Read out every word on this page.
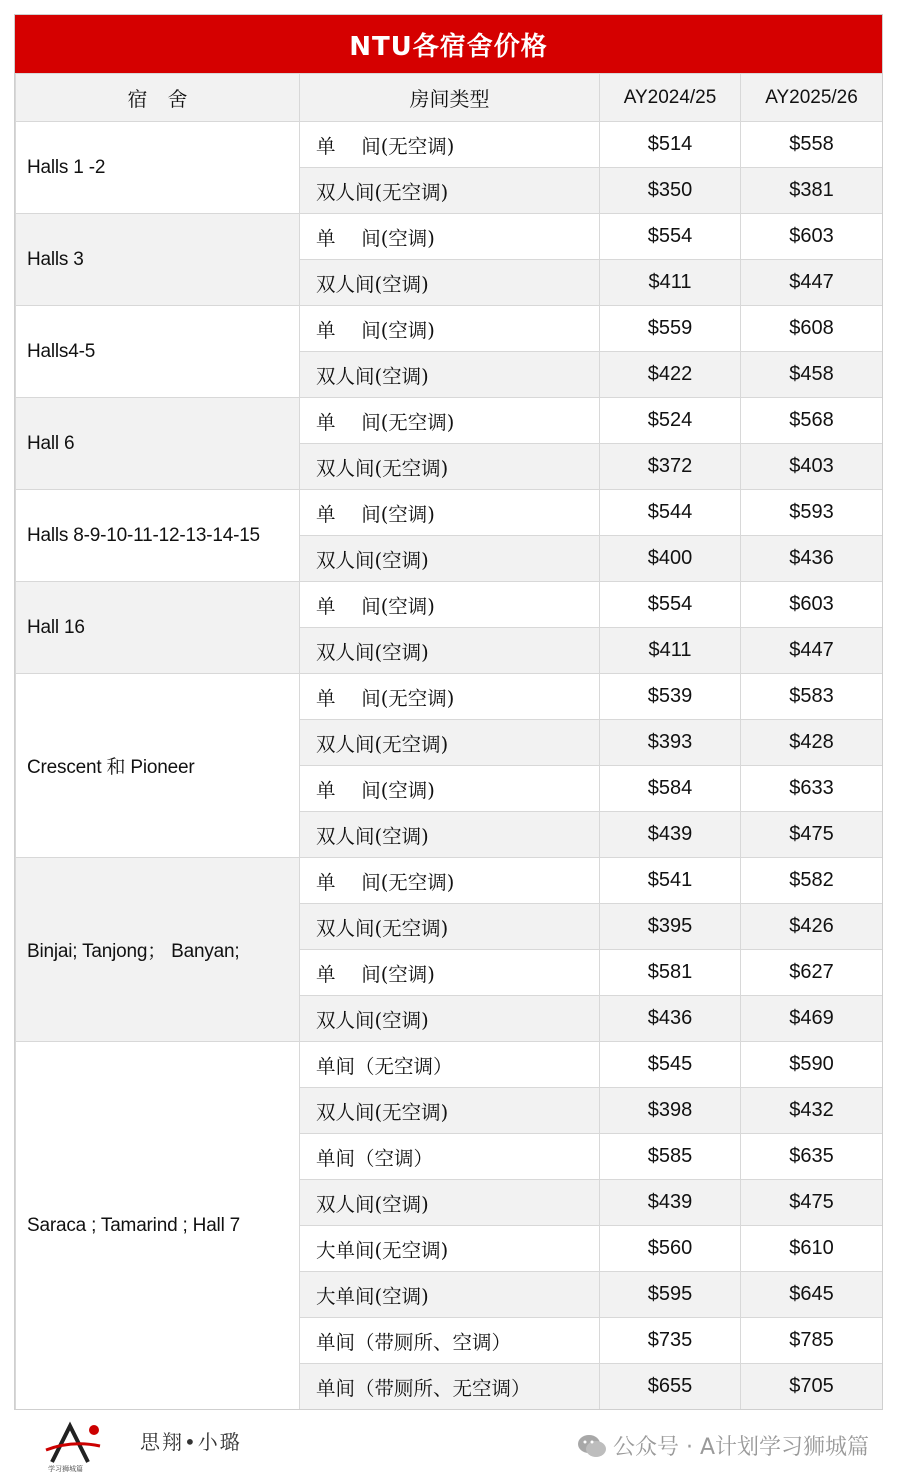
NTU各宿舍价格
宿　舍	房间类型	AY2024/25	AY2025/26
Halls 1 -2	单　 间(无空调)	$514	$558
	双人间(无空调)	$350	$381
Halls 3	单　 间(空调)	$554	$603
	双人间(空调)	$411	$447
Halls4-5	单　 间(空调)	$559	$608
	双人间(空调)	$422	$458
Hall 6	单　 间(无空调)	$524	$568
	双人间(无空调)	$372	$403
Halls 8-9-10-11-12-13-14-15	单　 间(空调)	$544	$593
	双人间(空调)	$400	$436
Hall 16	单　 间(空调)	$554	$603
	双人间(空调)	$411	$447
Crescent 和 Pioneer	单　 间(无空调)	$539	$583
	双人间(无空调)	$393	$428
	单　 间(空调)	$584	$633
	双人间(空调)	$439	$475
Binjai; Tanjong； Banyan;	单　 间(无空调)	$541	$582
	双人间(无空调)	$395	$426
	单　 间(空调)	$581	$627
	双人间(空调)	$436	$469
Saraca ; Tamarind ; Hall 7	单间（无空调）	$545	$590
	双人间(无空调)	$398	$432
	单间（空调）	$585	$635
	双人间(空调)	$439	$475
	大单间(无空调)	$560	$610
	大单间(空调)	$595	$645
	单间（带厕所、空调）	$735	$785
	单间（带厕所、无空调）	$655	$705
学习狮城篇
思翔•小璐	公众号 · A计划学习狮城篇
